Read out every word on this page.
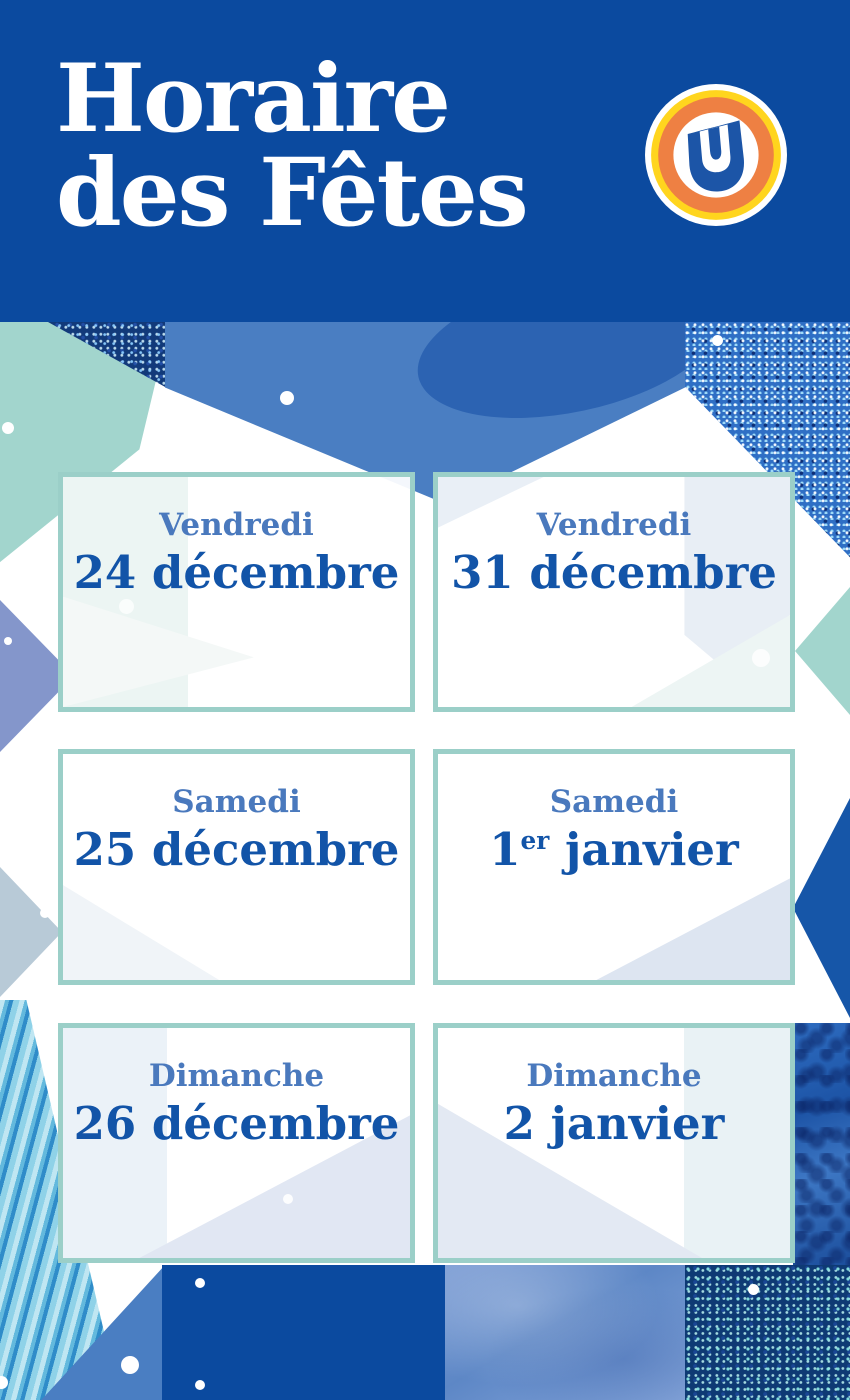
Horaire
des Fêtes
Vendredi
24 décembre
Vendredi
31 décembre
Samedi
25 décembre
Samedi
1er janvier
Dimanche
26 décembre
Dimanche
2 janvier
